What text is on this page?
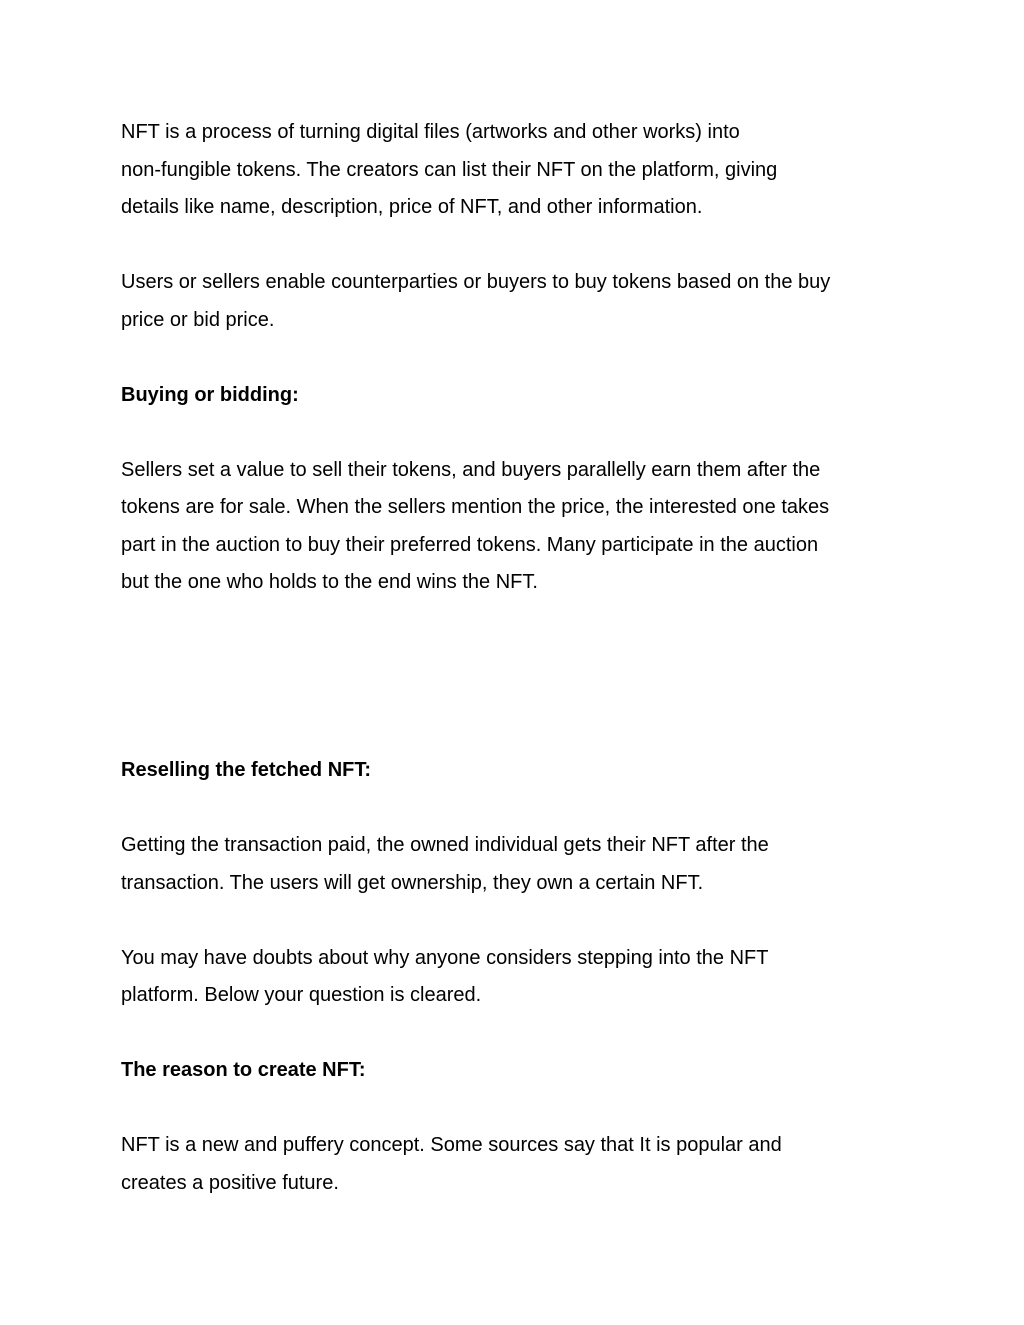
NFT is a process of turning digital files (artworks and other works) into
non-fungible tokens. The creators can list their NFT on the platform, giving
details like name, description, price of NFT, and other information.
Users or sellers enable counterparties or buyers to buy tokens based on the buy
price or bid price.
Buying or bidding:
Sellers set a value to sell their tokens, and buyers parallelly earn them after the
tokens are for sale. When the sellers mention the price, the interested one takes
part in the auction to buy their preferred tokens. Many participate in the auction
but the one who holds to the end wins the NFT.
Reselling the fetched NFT:
Getting the transaction paid, the owned individual gets their NFT after the
transaction. The users will get ownership, they own a certain NFT.
You may have doubts about why anyone considers stepping into the NFT
platform. Below your question is cleared.
The reason to create NFT:
NFT is a new and puffery concept. Some sources say that It is popular and
creates a positive future.
